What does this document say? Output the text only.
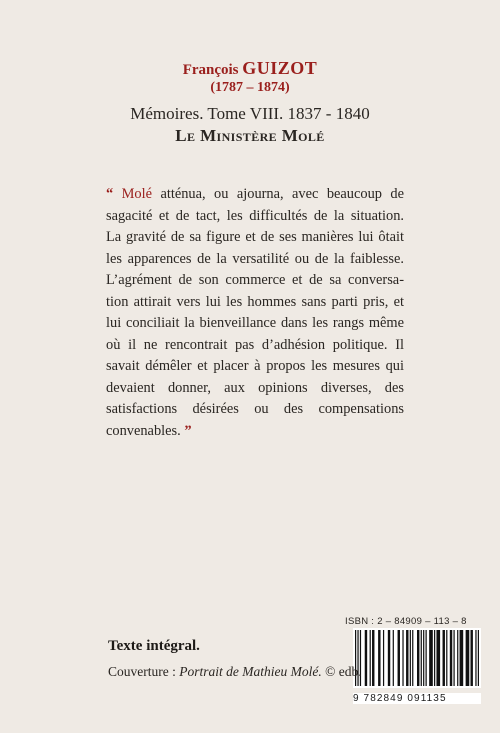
François GUIZOT
(1787 – 1874)
Mémoires. Tome VIII. 1837 - 1840
Le Ministère Molé
“ Molé atténua, ou ajourna, avec beaucoup de
sagacité et de tact, les difficultés de la situation.
La gravité de sa figure et de ses manières lui ôtait
les apparences de la versatilité ou de la faiblesse.
L’agrément de son commerce et de sa conversa-
tion attirait vers lui les hommes sans parti pris, et
lui conciliait la bienveillance dans les rangs même
où il ne rencontrait pas d’adhésion politique. Il
savait démêler et placer à propos les mesures qui
devaient donner, aux opinions diverses, des
satisfactions désirées ou des compensations
convenables. ”
ISBN : 2 – 84909 – 113 – 8
9 782849 091135
Texte intégral.
Couverture : Portrait de Mathieu Molé. © edb.
